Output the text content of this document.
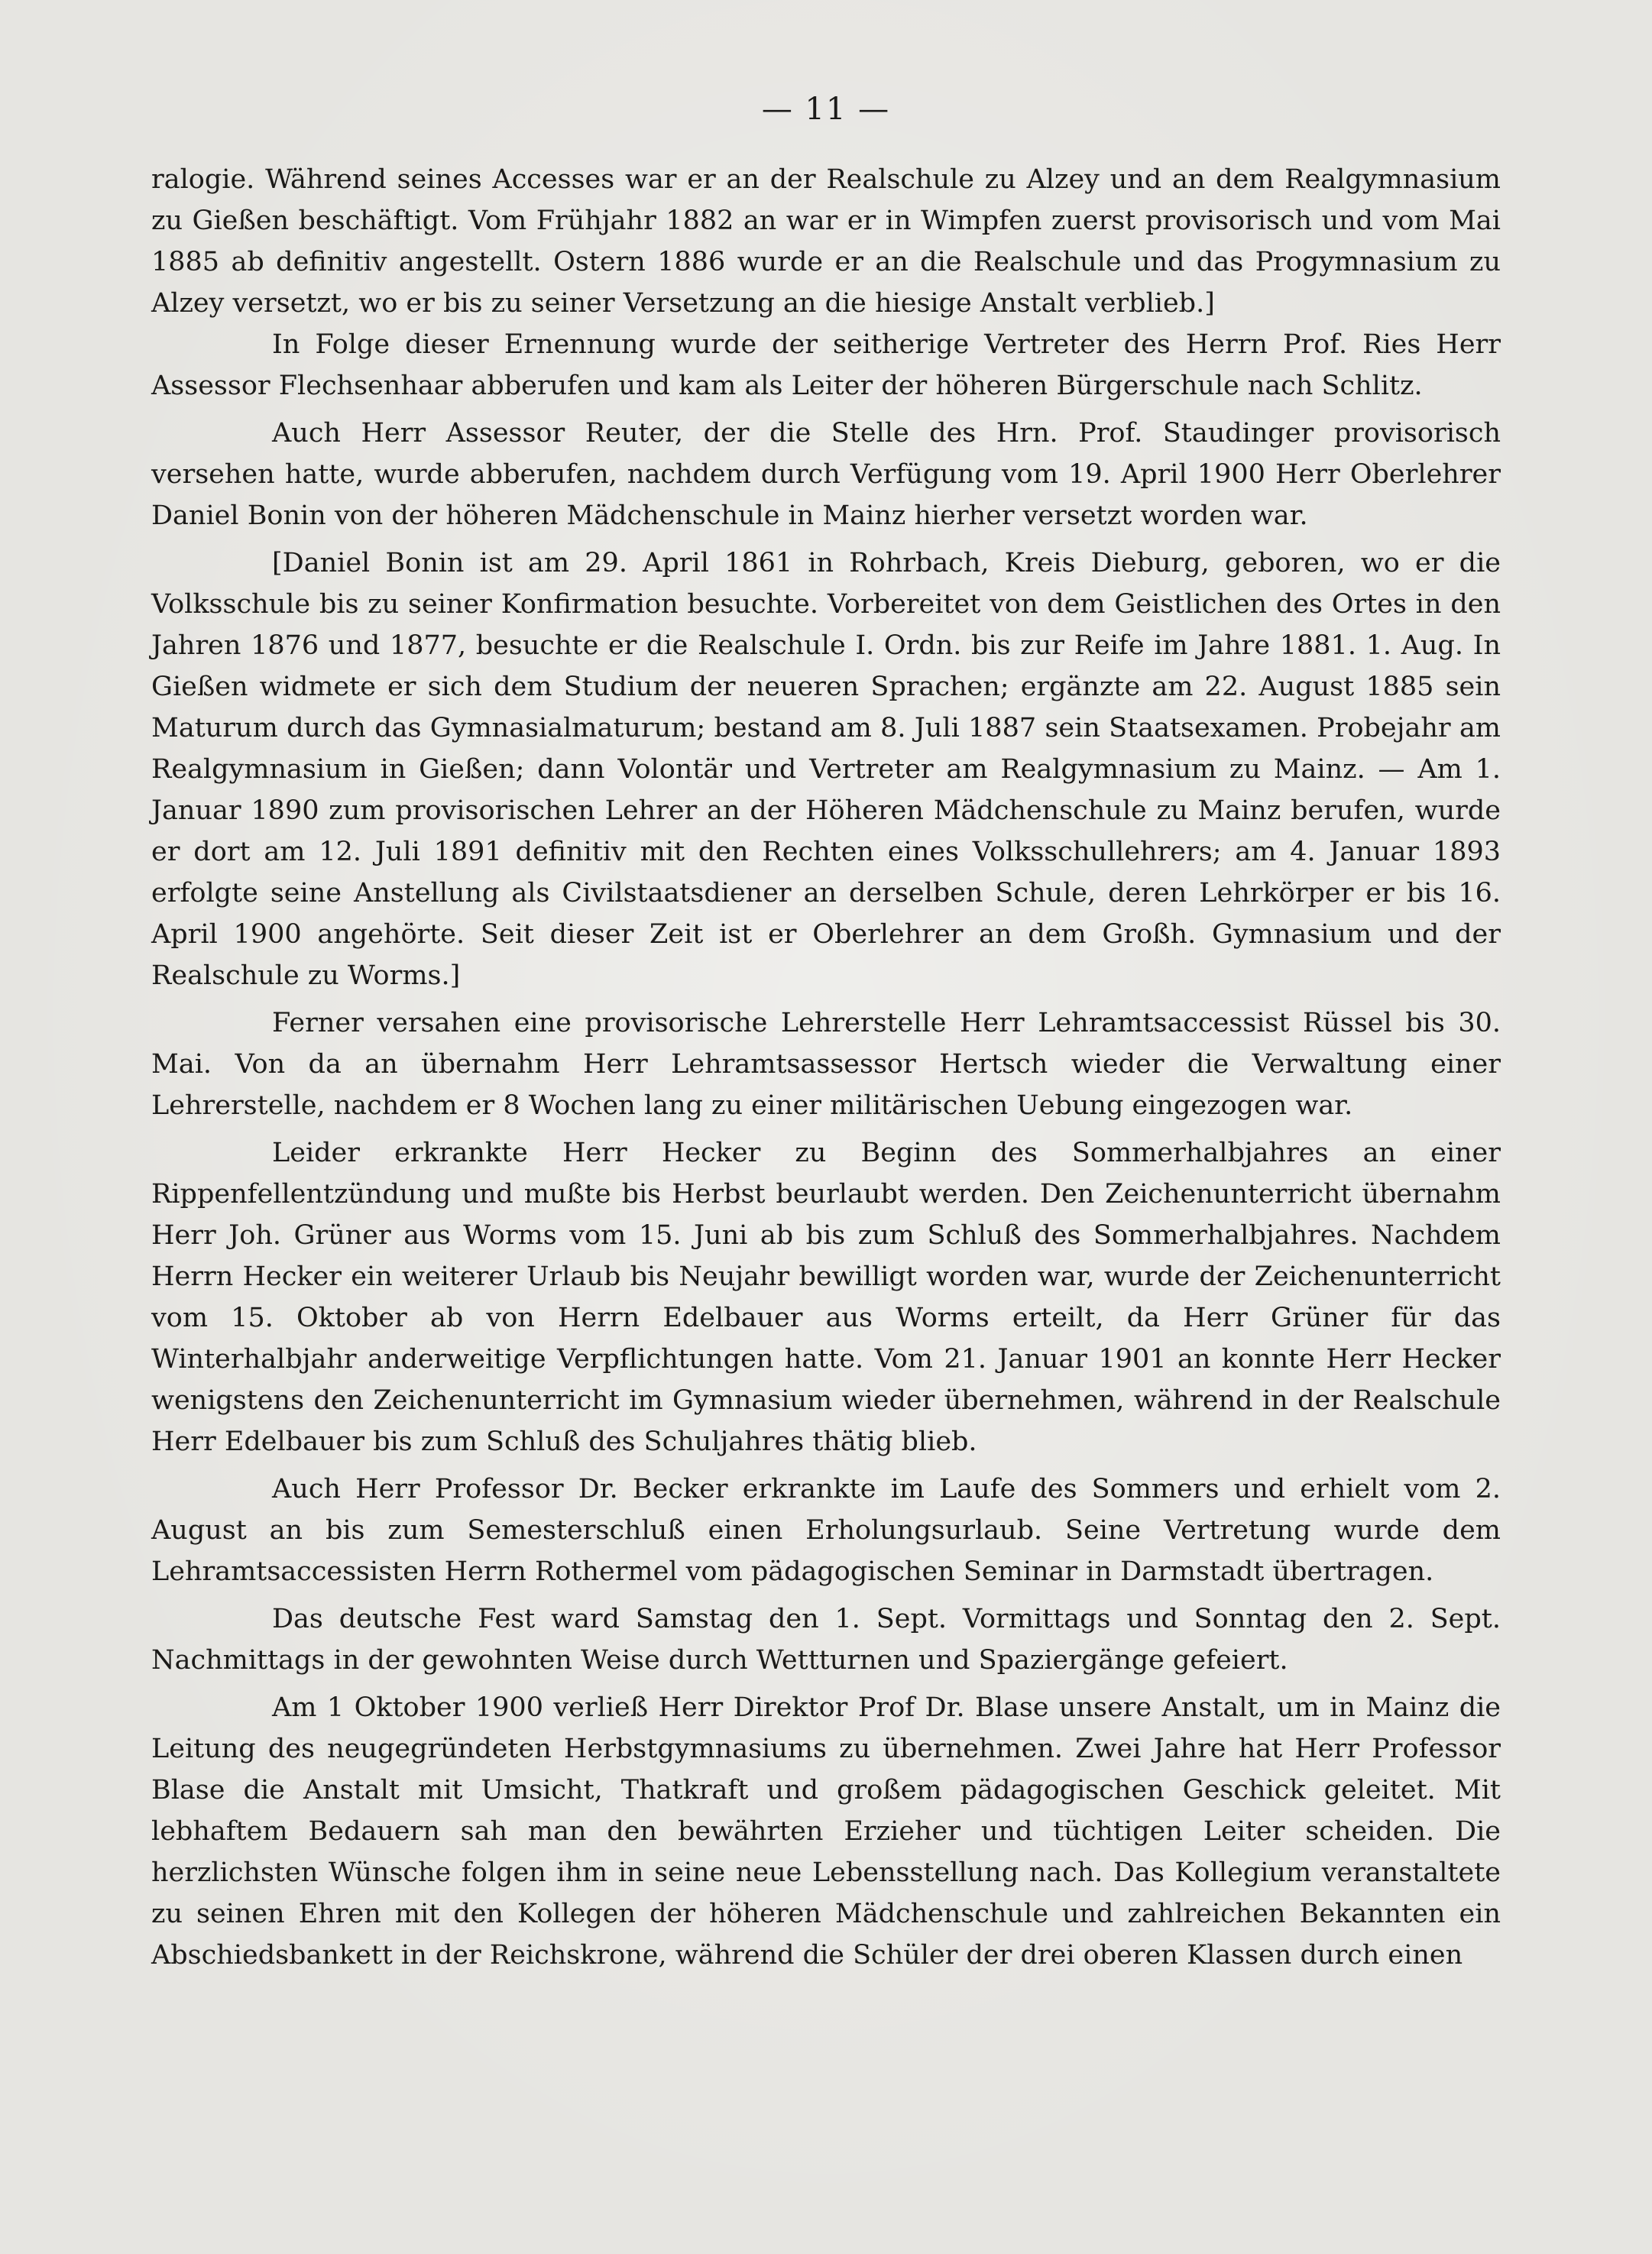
— 11 —

ralogie. Während seines Accesses war er an der Realschule zu Alzey und an dem Realgymnasium zu Gießen beschäftigt. Vom Frühjahr 1882 an war er in Wimpfen zuerst provisorisch und vom Mai 1885 ab definitiv angestellt. Ostern 1886 wurde er an die Realschule und das Progymnasium zu Alzey versetzt, wo er bis zu seiner Versetzung an die hiesige Anstalt verblieb.]

In Folge dieser Ernennung wurde der seitherige Vertreter des Herrn Prof. Ries Herr Assessor Flechsenhaar abberufen und kam als Leiter der höheren Bürgerschule nach Schlitz.

Auch Herr Assessor Reuter, der die Stelle des Hrn. Prof. Staudinger provisorisch versehen hatte, wurde abberufen, nachdem durch Verfügung vom 19. April 1900 Herr Oberlehrer Daniel Bonin von der höheren Mädchenschule in Mainz hierher versetzt worden war.

[Daniel Bonin ist am 29. April 1861 in Rohrbach, Kreis Dieburg, geboren, wo er die Volksschule bis zu seiner Konfirmation besuchte. Vorbereitet von dem Geistlichen des Ortes in den Jahren 1876 und 1877, besuchte er die Realschule I. Ordn. bis zur Reife im Jahre 1881. 1. Aug. In Gießen widmete er sich dem Studium der neueren Sprachen; ergänzte am 22. August 1885 sein Maturum durch das Gymnasialmaturum; bestand am 8. Juli 1887 sein Staatsexamen. Probejahr am Realgymnasium in Gießen; dann Volontär und Vertreter am Realgymnasium zu Mainz. — Am 1. Januar 1890 zum provisorischen Lehrer an der Höheren Mädchenschule zu Mainz berufen, wurde er dort am 12. Juli 1891 definitiv mit den Rechten eines Volksschullehrers; am 4. Januar 1893 erfolgte seine Anstellung als Civilstaatsdiener an derselben Schule, deren Lehrkörper er bis 16. April 1900 angehörte. Seit dieser Zeit ist er Oberlehrer an dem Großh. Gymnasium und der Realschule zu Worms.]

Ferner versahen eine provisorische Lehrerstelle Herr Lehramtsaccessist Rüssel bis 30. Mai. Von da an übernahm Herr Lehramtsassessor Hertsch wieder die Verwaltung einer Lehrerstelle, nachdem er 8 Wochen lang zu einer militärischen Uebung eingezogen war.

Leider erkrankte Herr Hecker zu Beginn des Sommerhalbjahres an einer Rippenfellentzündung und mußte bis Herbst beurlaubt werden. Den Zeichenunterricht übernahm Herr Joh. Grüner aus Worms vom 15. Juni ab bis zum Schluß des Sommerhalbjahres. Nachdem Herrn Hecker ein weiterer Urlaub bis Neujahr bewilligt worden war, wurde der Zeichenunterricht vom 15. Oktober ab von Herrn Edelbauer aus Worms erteilt, da Herr Grüner für das Winterhalbjahr anderweitige Verpflichtungen hatte. Vom 21. Januar 1901 an konnte Herr Hecker wenigstens den Zeichenunterricht im Gymnasium wieder übernehmen, während in der Realschule Herr Edelbauer bis zum Schluß des Schuljahres thätig blieb.

Auch Herr Professor Dr. Becker erkrankte im Laufe des Sommers und erhielt vom 2. August an bis zum Semesterschluß einen Erholungsurlaub. Seine Vertretung wurde dem Lehramtsaccessisten Herrn Rothermel vom pädagogischen Seminar in Darmstadt übertragen.

Das deutsche Fest ward Samstag den 1. Sept. Vormittags und Sonntag den 2. Sept. Nachmittags in der gewohnten Weise durch Wettturnen und Spaziergänge gefeiert.

Am 1 Oktober 1900 verließ Herr Direktor Prof Dr. Blase unsere Anstalt, um in Mainz die Leitung des neugegründeten Herbstgymnasiums zu übernehmen. Zwei Jahre hat Herr Professor Blase die Anstalt mit Umsicht, Thatkraft und großem pädagogischen Geschick geleitet. Mit lebhaftem Bedauern sah man den bewährten Erzieher und tüchtigen Leiter scheiden. Die herzlichsten Wünsche folgen ihm in seine neue Lebensstellung nach. Das Kollegium veranstaltete zu seinen Ehren mit den Kollegen der höheren Mädchenschule und zahlreichen Bekannten ein Abschiedsbankett in der Reichskrone, während die Schüler der drei oberen Klassen durch einen
